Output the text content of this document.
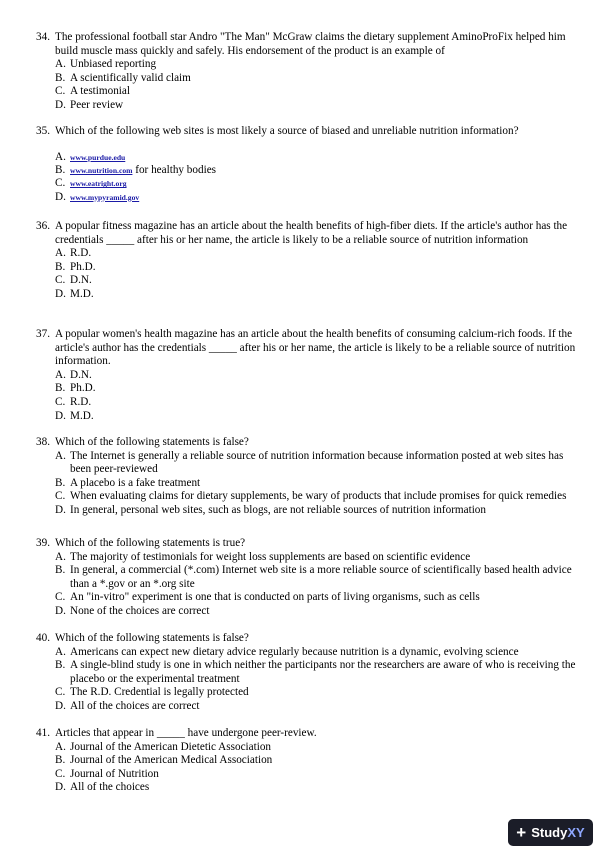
34. The professional football star Andro "The Man" McGraw claims the dietary supplement AminoProFix helped him build muscle mass quickly and safely. His endorsement of the product is an example of
A. Unbiased reporting
B. A scientifically valid claim
C. A testimonial
D. Peer review
35. Which of the following web sites is most likely a source of biased and unreliable nutrition information?
A. www.purdue.edu
B. www.nutrition.com for healthy bodies
C. www.eatright.org
D. www.mypyramid.gov
36. A popular fitness magazine has an article about the health benefits of high-fiber diets. If the article's author has the credentials _____ after his or her name, the article is likely to be a reliable source of nutrition information
A. R.D.
B. Ph.D.
C. D.N.
D. M.D.
37. A popular women's health magazine has an article about the health benefits of consuming calcium-rich foods. If the article's author has the credentials _____ after his or her name, the article is likely to be a reliable source of nutrition information.
A. D.N.
B. Ph.D.
C. R.D.
D. M.D.
38. Which of the following statements is false?
A. The Internet is generally a reliable source of nutrition information because information posted at web sites has been peer-reviewed
B. A placebo is a fake treatment
C. When evaluating claims for dietary supplements, be wary of products that include promises for quick remedies
D. In general, personal web sites, such as blogs, are not reliable sources of nutrition information
39. Which of the following statements is true?
A. The majority of testimonials for weight loss supplements are based on scientific evidence
B. In general, a commercial (*.com) Internet web site is a more reliable source of scientifically based health advice than a *.gov or an *.org site
C. An "in-vitro" experiment is one that is conducted on parts of living organisms, such as cells
D. None of the choices are correct
40. Which of the following statements is false?
A. Americans can expect new dietary advice regularly because nutrition is a dynamic, evolving science
B. A single-blind study is one in which neither the participants nor the researchers are aware of who is receiving the placebo or the experimental treatment
C. The R.D. Credential is legally protected
D. All of the choices are correct
41. Articles that appear in _____ have undergone peer-review.
A. Journal of the American Dietetic Association
B. Journal of the American Medical Association
C. Journal of Nutrition
D. All of the choices
+ StudyXY
